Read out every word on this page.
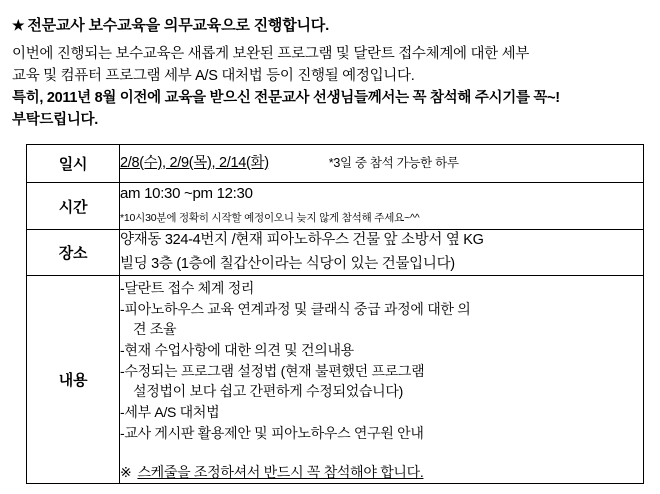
★ 전문교사 보수교육을 의무교육으로 진행합니다.
이번에 진행되는 보수교육은 새롭게 보완된 프로그램 및 달란트 접수체계에 대한 세부
교육 및 컴퓨터 프로그램 세부 A/S 대처법 등이 진행될 예정입니다.
특히, 2011년 8월 이전에 교육을 받으신 전문교사 선생님들께서는 꼭 참석해 주시기를 꼭~!
부탁드립니다.
일시	2/8(수), 2/9(목), 2/14(화) *3일 중 참석 가능한 하루
시간	am 10:30 ~pm 12:30
*10시30분에 정확히 시작할 예정이오니 늦지 않게 참석해 주세요~^^

장소	양재동 324-4번지 /현재 피아노하우스 건물 앞 소방서 옆 KG
빌딩 3층 (1층에 칠갑산이라는 식당이 있는 건물입니다)

내용	
-달란트 접수 체계 정리
-피아노하우스 교육 연계과정 및 클래식 중급 과정에 대한 의
견 조율
-현재 수업사항에 대한 의견 및 건의내용
-수정되는 프로그램 설정법 (현재 불편했던 프로그램
설정법이 보다 쉽고 간편하게 수정되었습니다)
-세부 A/S 대처법
-교사 게시판 활용제안 및 피아노하우스 연구원 안내
※ 스케줄을 조정하셔서 반드시 꼭 참석해야 합니다.
